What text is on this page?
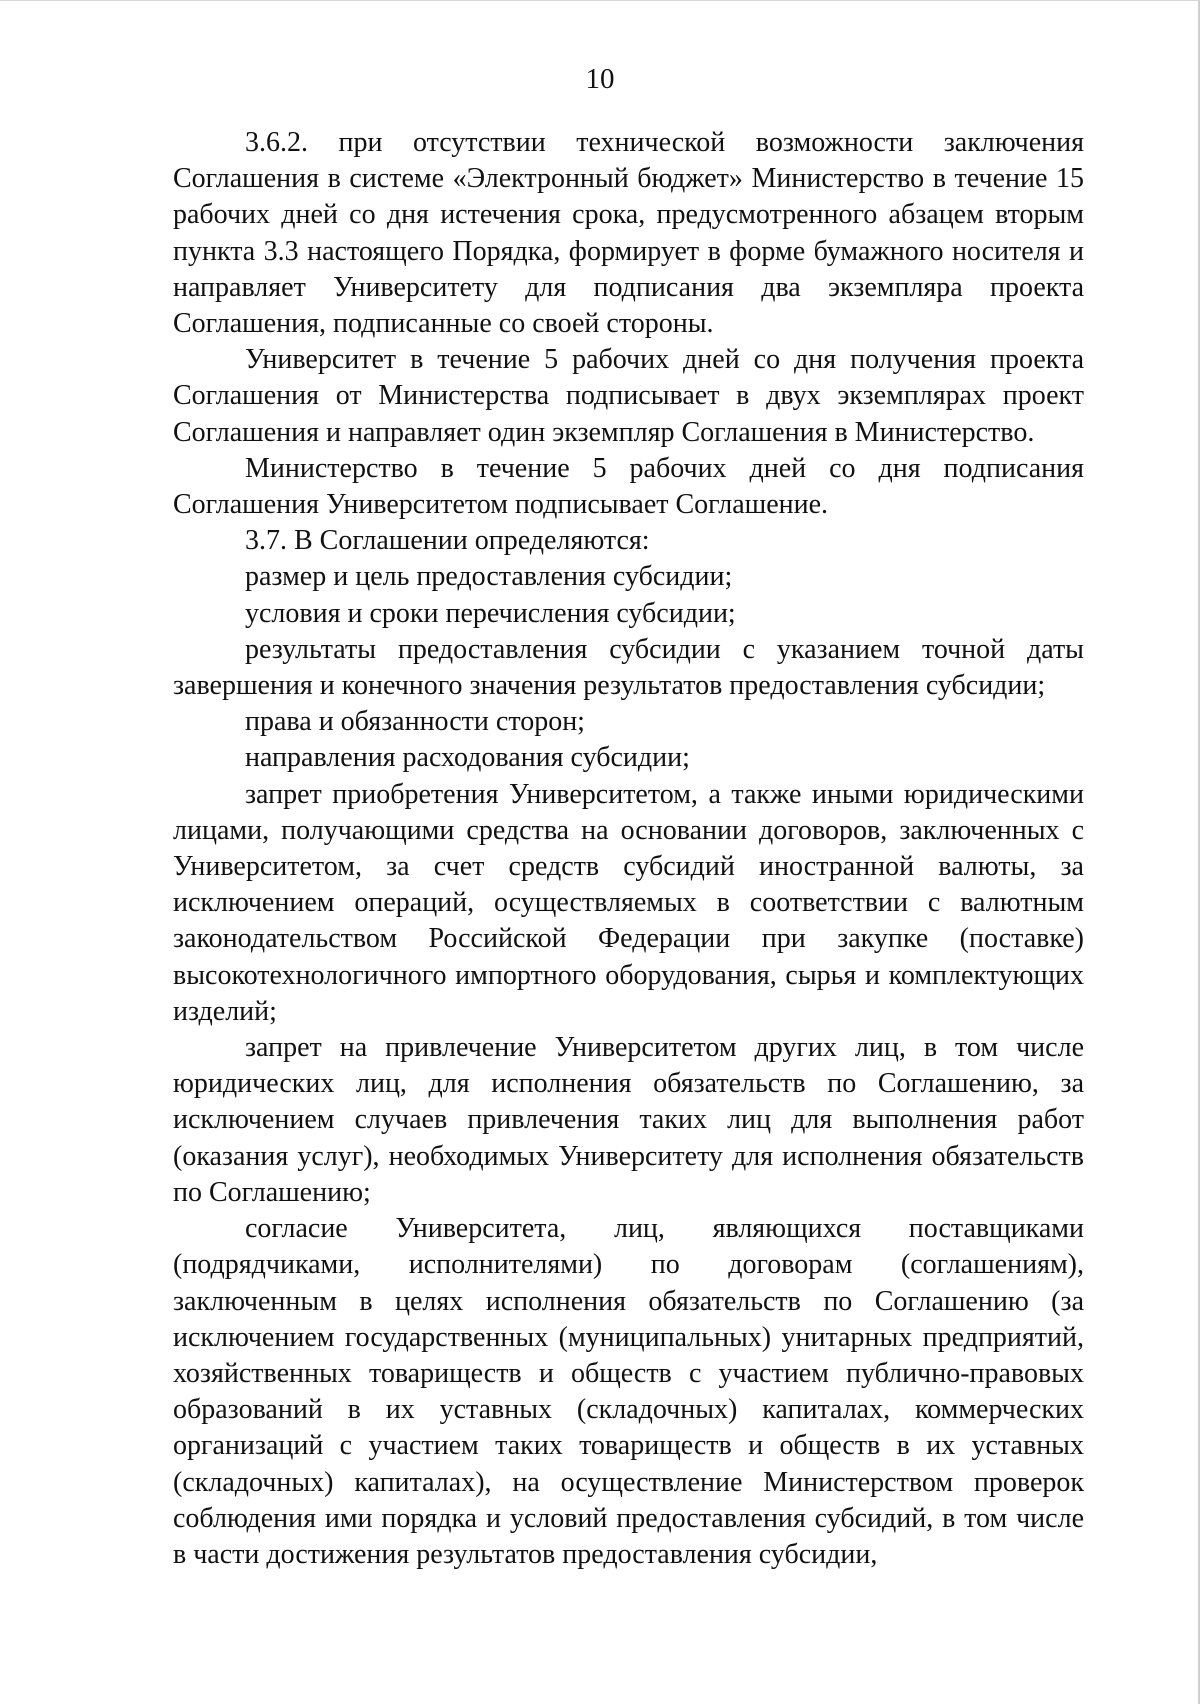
10

3.6.2. при отсутствии технической возможности заключения Соглашения в системе «Электронный бюджет» Министерство в течение 15 рабочих дней со дня истечения срока, предусмотренного абзацем вторым пункта 3.3 настоящего Порядка, формирует в форме бумажного носителя и направляет Университету для подписания два экземпляра проекта Соглашения, подписанные со своей стороны.

Университет в течение 5 рабочих дней со дня получения проекта Соглашения от Министерства подписывает в двух экземплярах проект Соглашения и направляет один экземпляр Соглашения в Министерство.

Министерство в течение 5 рабочих дней со дня подписания Соглашения Университетом подписывает Соглашение.

3.7. В Соглашении определяются:

размер и цель предоставления субсидии;

условия и сроки перечисления субсидии;

результаты предоставления субсидии с указанием точной даты завершения и конечного значения результатов предоставления субсидии;

права и обязанности сторон;

направления расходования субсидии;

запрет приобретения Университетом, а также иными юридическими лицами, получающими средства на основании договоров, заключенных с Университетом, за счет средств субсидий иностранной валюты, за исключением операций, осуществляемых в соответствии с валютным законодательством Российской Федерации при закупке (поставке) высокотехнологичного импортного оборудования, сырья и комплектующих изделий;

запрет на привлечение Университетом других лиц, в том числе юридических лиц, для исполнения обязательств по Соглашению, за исключением случаев привлечения таких лиц для выполнения работ (оказания услуг), необходимых Университету для исполнения обязательств по Соглашению;

согласие Университета, лиц, являющихся поставщиками (подрядчиками, исполнителями) по договорам (соглашениям), заключенным в целях исполнения обязательств по Соглашению (за исключением государственных (муниципальных) унитарных предприятий, хозяйственных товариществ и обществ с участием публично-правовых образований в их уставных (складочных) капиталах, коммерческих организаций с участием таких товариществ и обществ в их уставных (складочных) капиталах), на осуществление Министерством проверок соблюдения ими порядка и условий предоставления субсидий, в том числе в части достижения результатов предоставления субсидии,
